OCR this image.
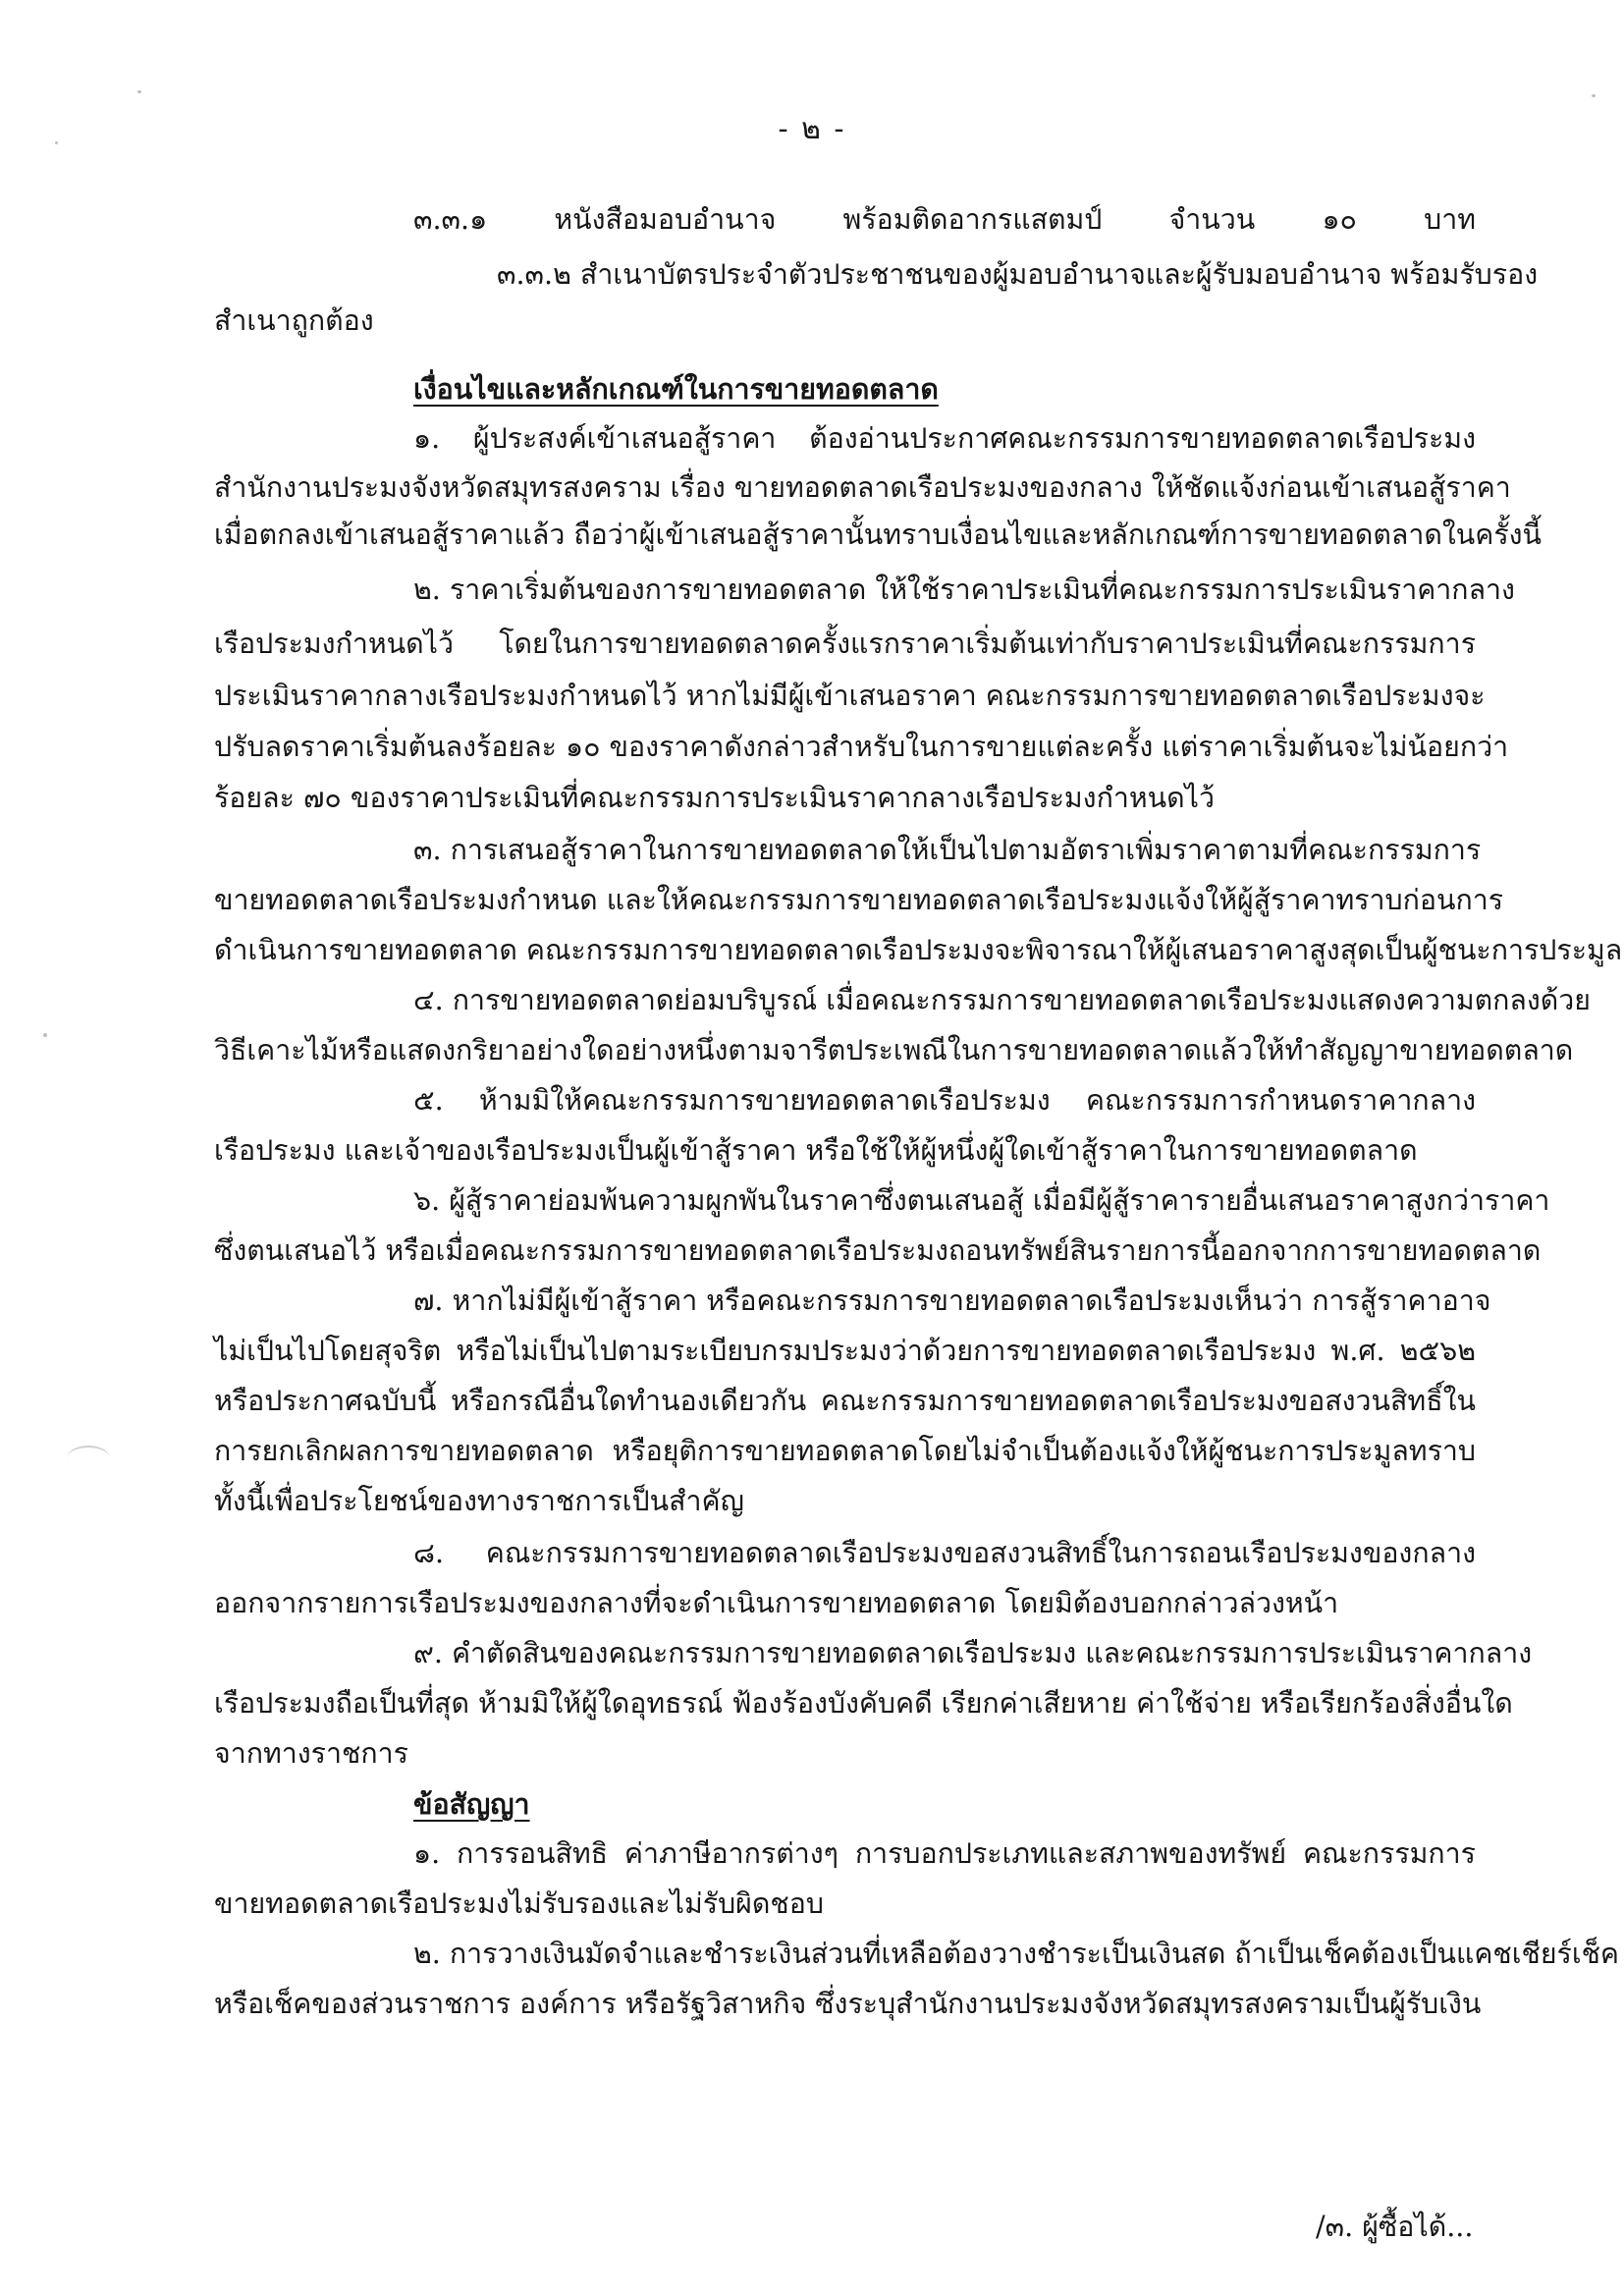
- ๒ -
๓.๓.๑ หนังสือมอบอำนาจ พร้อมติดอากรแสตมป์ จำนวน ๑๐ บาท
๓.๓.๒ สำเนาบัตรประจำตัวประชาชนของผู้มอบอำนาจและผู้รับมอบอำนาจ พร้อมรับรอง
สำเนาถูกต้อง
เงื่อนไขและหลักเกณฑ์ในการขายทอดตลาด
๑. ผู้ประสงค์เข้าเสนอสู้ราคา ต้องอ่านประกาศคณะกรรมการขายทอดตลาดเรือประมง
สำนักงานประมงจังหวัดสมุทรสงคราม เรื่อง ขายทอดตลาดเรือประมงของกลาง ให้ชัดแจ้งก่อนเข้าเสนอสู้ราคา
เมื่อตกลงเข้าเสนอสู้ราคาแล้ว ถือว่าผู้เข้าเสนอสู้ราคานั้นทราบเงื่อนไขและหลักเกณฑ์การขายทอดตลาดในครั้งนี้
๒. ราคาเริ่มต้นของการขายทอดตลาด ให้ใช้ราคาประเมินที่คณะกรรมการประเมินราคากลาง
เรือประมงกำหนดไว้ โดยในการขายทอดตลาดครั้งแรกราคาเริ่มต้นเท่ากับราคาประเมินที่คณะกรรมการ
ประเมินราคากลางเรือประมงกำหนดไว้ หากไม่มีผู้เข้าเสนอราคา คณะกรรมการขายทอดตลาดเรือประมงจะ
ปรับลดราคาเริ่มต้นลงร้อยละ ๑๐ ของราคาดังกล่าวสำหรับในการขายแต่ละครั้ง แต่ราคาเริ่มต้นจะไม่น้อยกว่า
ร้อยละ ๗๐ ของราคาประเมินที่คณะกรรมการประเมินราคากลางเรือประมงกำหนดไว้
๓. การเสนอสู้ราคาในการขายทอดตลาดให้เป็นไปตามอัตราเพิ่มราคาตามที่คณะกรรมการ
ขายทอดตลาดเรือประมงกำหนด และให้คณะกรรมการขายทอดตลาดเรือประมงแจ้งให้ผู้สู้ราคาทราบก่อนการ
ดำเนินการขายทอดตลาด คณะกรรมการขายทอดตลาดเรือประมงจะพิจารณาให้ผู้เสนอราคาสูงสุดเป็นผู้ชนะการประมูล
๔. การขายทอดตลาดย่อมบริบูรณ์ เมื่อคณะกรรมการขายทอดตลาดเรือประมงแสดงความตกลงด้วย
วิธีเคาะไม้หรือแสดงกริยาอย่างใดอย่างหนึ่งตามจารีตประเพณีในการขายทอดตลาดแล้วให้ทำสัญญาขายทอดตลาด
๕. ห้ามมิให้คณะกรรมการขายทอดตลาดเรือประมง คณะกรรมการกำหนดราคากลาง
เรือประมง และเจ้าของเรือประมงเป็นผู้เข้าสู้ราคา หรือใช้ให้ผู้หนึ่งผู้ใดเข้าสู้ราคาในการขายทอดตลาด
๖. ผู้สู้ราคาย่อมพ้นความผูกพันในราคาซึ่งตนเสนอสู้ เมื่อมีผู้สู้ราคารายอื่นเสนอราคาสูงกว่าราคา
ซึ่งตนเสนอไว้ หรือเมื่อคณะกรรมการขายทอดตลาดเรือประมงถอนทรัพย์สินรายการนี้ออกจากการขายทอดตลาด
๗. หากไม่มีผู้เข้าสู้ราคา หรือคณะกรรมการขายทอดตลาดเรือประมงเห็นว่า การสู้ราคาอาจ
ไม่เป็นไปโดยสุจริต หรือไม่เป็นไปตามระเบียบกรมประมงว่าด้วยการขายทอดตลาดเรือประมง พ.ศ. ๒๕๖๒
หรือประกาศฉบับนี้ หรือกรณีอื่นใดทำนองเดียวกัน คณะกรรมการขายทอดตลาดเรือประมงขอสงวนสิทธิ์ใน
การยกเลิกผลการขายทอดตลาด หรือยุติการขายทอดตลาดโดยไม่จำเป็นต้องแจ้งให้ผู้ชนะการประมูลทราบ
ทั้งนี้เพื่อประโยชน์ของทางราชการเป็นสำคัญ
๘. คณะกรรมการขายทอดตลาดเรือประมงขอสงวนสิทธิ์ในการถอนเรือประมงของกลาง
ออกจากรายการเรือประมงของกลางที่จะดำเนินการขายทอดตลาด โดยมิต้องบอกกล่าวล่วงหน้า
๙. คำตัดสินของคณะกรรมการขายทอดตลาดเรือประมง และคณะกรรมการประเมินราคากลาง
เรือประมงถือเป็นที่สุด ห้ามมิให้ผู้ใดอุทธรณ์ ฟ้องร้องบังคับคดี เรียกค่าเสียหาย ค่าใช้จ่าย หรือเรียกร้องสิ่งอื่นใด
จากทางราชการ
ข้อสัญญา
๑. การรอนสิทธิ ค่าภาษีอากรต่างๆ การบอกประเภทและสภาพของทรัพย์ คณะกรรมการ
ขายทอดตลาดเรือประมงไม่รับรองและไม่รับผิดชอบ
๒. การวางเงินมัดจำและชำระเงินส่วนที่เหลือต้องวางชำระเป็นเงินสด ถ้าเป็นเช็คต้องเป็นแคชเชียร์เช็ค
หรือเช็คของส่วนราชการ องค์การ หรือรัฐวิสาหกิจ ซึ่งระบุสำนักงานประมงจังหวัดสมุทรสงครามเป็นผู้รับเงิน
/๓. ผู้ซื้อได้...
